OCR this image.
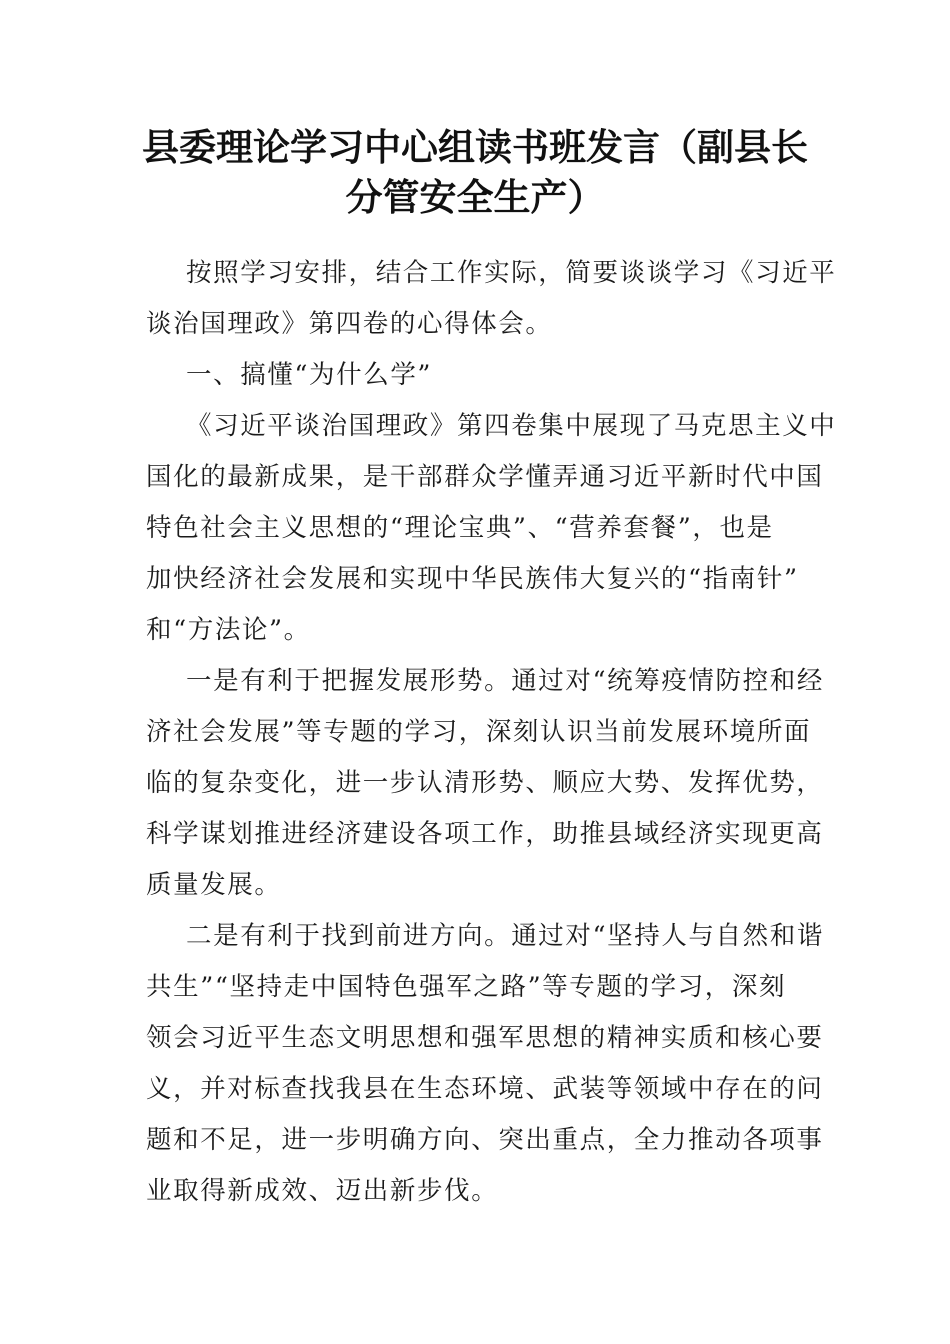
县委理论学习中心组读书班发言（副县长
分管安全生产）
按照学习安排，结合工作实际，简要谈谈学习《习近平
谈治国理政》第四卷的心得体会。
一、搞懂“为什么学”
《习近平谈治国理政》第四卷集中展现了马克思主义中
国化的最新成果，是干部群众学懂弄通习近平新时代中国
特色社会主义思想的“理论宝典”、“营养套餐”，也是
加快经济社会发展和实现中华民族伟大复兴的“指南针”
和“方法论”。
一是有利于把握发展形势。通过对“统筹疫情防控和经
济社会发展”等专题的学习，深刻认识当前发展环境所面
临的复杂变化，进一步认清形势、顺应大势、发挥优势，
科学谋划推进经济建设各项工作，助推县域经济实现更高
质量发展。
二是有利于找到前进方向。通过对“坚持人与自然和谐
共生”“坚持走中国特色强军之路”等专题的学习，深刻
领会习近平生态文明思想和强军思想的精神实质和核心要
义，并对标查找我县在生态环境、武装等领域中存在的问
题和不足，进一步明确方向、突出重点，全力推动各项事
业取得新成效、迈出新步伐。
